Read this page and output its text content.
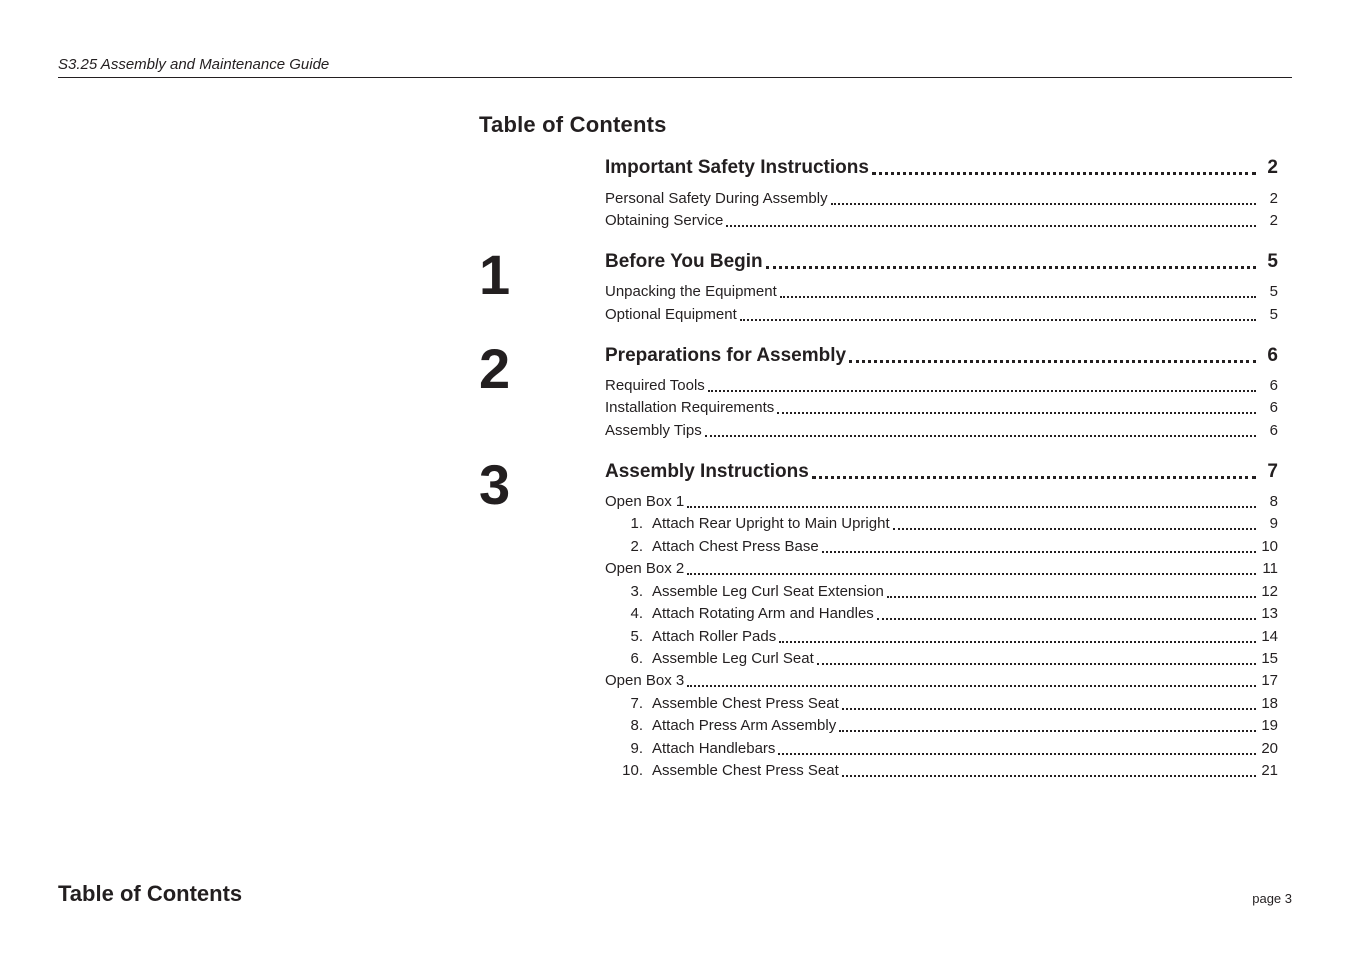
S3.25 Assembly and Maintenance Guide
Table of Contents
Important Safety Instructions	2
Personal Safety During Assembly	2
Obtaining Service	2
1	Before You Begin	5
Unpacking the Equipment	5
Optional Equipment	5
2	Preparations for Assembly	6
Required Tools	6
Installation Requirements	6
Assembly Tips	6
3	Assembly Instructions	7
Open Box 1	8
1. Attach Rear Upright to Main Upright	9
2. Attach Chest Press Base	10
Open Box 2	11
3. Assemble Leg Curl Seat Extension	12
4. Attach Rotating Arm and Handles	13
5. Attach Roller Pads	14
6. Assemble Leg Curl Seat	15
Open Box 3	17
7. Assemble Chest Press Seat	18
8. Attach Press Arm Assembly	19
9. Attach Handlebars	20
10. Assemble Chest Press Seat	21
Table of Contents	page 3
